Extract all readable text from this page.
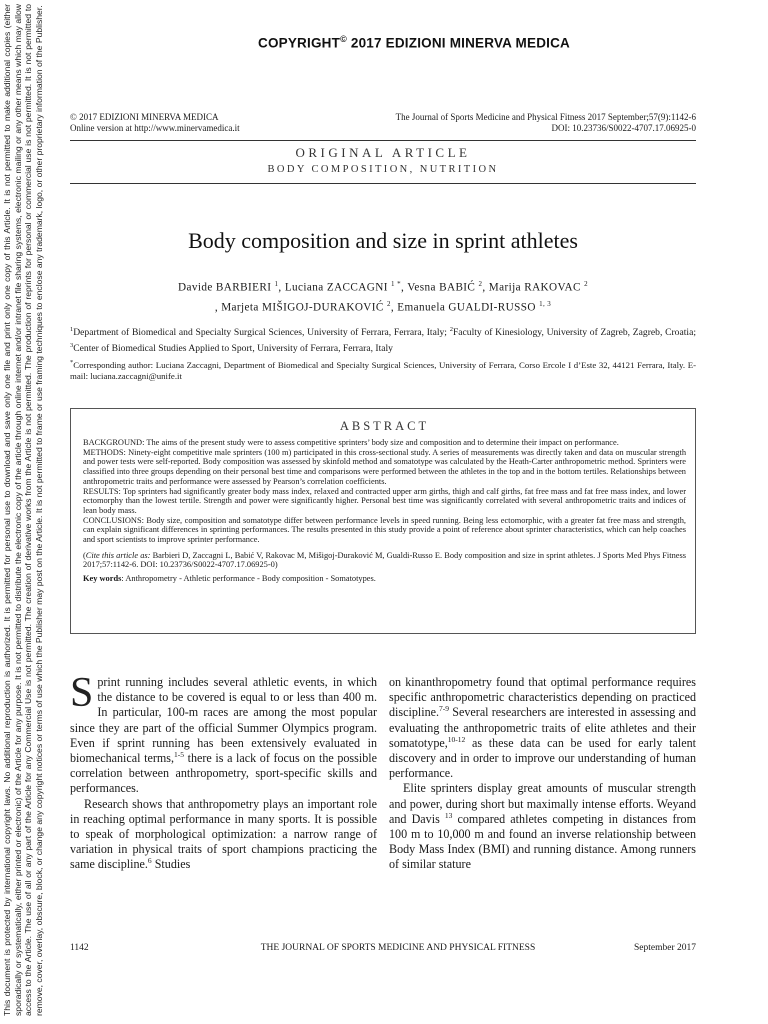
This document is protected by international copyright laws. No additional reproduction is authorized. It is permitted for personal use to download and save only one file and print only one copy of this Article. It is not permitted to make additional copies (either sporadically or systematically, either printed or electronic) of the Article for any purpose. It is not permitted to distribute the electronic copy of the article through online internet and/or intranet file sharing systems, electronic mailing or any other means which may allow access to the Article. The use of all or any part of the Article for any Commercial Use is not permitted. The creation of derivative works from the Article is not permitted. The production of reprints for personal or commercial use is not permitted. It is not permitted to remove, cover, overlay, obscure, block, or change any copyright notices or terms of use which the Publisher may post on the Article. It is not permitted to frame or use framing techniques to enclose any trademark, logo, or other proprietary information of the Publisher.	COPYRIGHT© 2017 EDIZIONI MINERVA MEDICA
© 2017 EDIZIONI MINERVA MEDICA
Online version at http://www.minervamedica.it
The Journal of Sports Medicine and Physical Fitness 2017 September;57(9):1142-6
DOI: 10.23736/S0022-4707.17.06925-0
ORIGINAL ARTICLE
BODY COMPOSITION, NUTRITION
Body composition and size in sprint athletes
Davide BARBIERI $^1$, Luciana ZACCAGNI $^{1 *}$, Vesna BABIĆ $^2$, Marija RAKOVAC $^2$
, Marjeta MIŠIGOJ-DURAKOVIĆ $^2$, Emanuela GUALDI-RUSSO $^{1, 3}$
$^1$Department of Biomedical and Specialty Surgical Sciences, University of Ferrara, Ferrara, Italy; $^2$Faculty of Kinesiology, University of Zagreb, Zagreb, Croatia; $^3$Center of Biomedical Studies Applied to Sport, University of Ferrara, Ferrara, Italy
*Corresponding author: Luciana Zaccagni, Department of Biomedical and Specialty Surgical Sciences, University of Ferrara, Corso Ercole I d’Este 32, 44121 Ferrara, Italy. E-mail: luciana.zaccagni@unife.it
ABSTRACT

BACKGROUND: The aims of the present study were to assess competitive sprinters’ body size and composition and to determine their impact on performance.

METHODS: Ninety-eight competitive male sprinters (100 m) participated in this cross-sectional study. A series of measurements was directly taken and data on muscular strength and power tests were self-reported. Body composition was assessed by skinfold method and somatotype was calculated by the Heath-Carter anthropometric method. Sprinters were classified into three groups depending on their personal best time and comparisons were performed between the athletes in the top and in the bottom tertiles. Relationships between anthropometric traits and performance were assessed by Pearson’s correlation coefficients.

RESULTS: Top sprinters had significantly greater body mass index, relaxed and contracted upper arm girths, thigh and calf girths, fat free mass and fat free mass index, and lower ectomorphy than the lowest tertile. Strength and power were significantly higher. Personal best time was significantly correlated with several anthropometric traits and indices of lean body mass.

CONCLUSIONS: Body size, composition and somatotype differ between performance levels in speed running. Being less ectomorphic, with a greater fat free mass and strength, can explain significant differences in sprinting performances. The results presented in this study provide a point of reference about sprinter characteristics, which can help coaches and sport scientists to improve sprinter performance.

(Cite this article as: Barbieri D, Zaccagni L, Babić V, Rakovac M, Mišigoj-Duraković M, Gualdi-Russo E. Body composition and size in sprint athletes. J Sports Med Phys Fitness 2017;57:1142-6. DOI: 10.23736/S0022-4707.17.06925-0)

Key words: Anthropometry - Athletic performance - Body composition - Somatotypes.

Sprint running includes several athletic events, in which the distance to be covered is equal to or less than 400 m. In particular, 100-m races are among the most popular since they are part of the official Summer Olympics program. Even if sprint running has been extensively evaluated in biomechanical terms,$^{1-5}$ there is a lack of focus on the possible correlation between anthropometry, sport-specific skills and performances.

Research shows that anthropometry plays an important role in reaching optimal performance in many sports. It is possible to speak of morphological optimization: a narrow range of variation in physical traits of sport champions practicing the same discipline.$^6$ Studies

on kinanthropometry found that optimal performance requires specific anthropometric characteristics depending on practiced discipline.$^{7-9}$ Several researchers are interested in assessing and evaluating the anthropometric traits of elite athletes and their somatotype,$^{10-12}$ as these data can be used for early talent discovery and in order to improve our understanding of human performance.

Elite sprinters display great amounts of muscular strength and power, during short but maximally intense efforts. Weyand and Davis $^{13}$ compared athletes competing in distances from 100 m to 10,000 m and found an inverse relationship between Body Mass Index (BMI) and running distance. Among runners of similar stature

1142	THE JOURNAL OF SPORTS MEDICINE AND PHYSICAL FITNESS	September 2017
